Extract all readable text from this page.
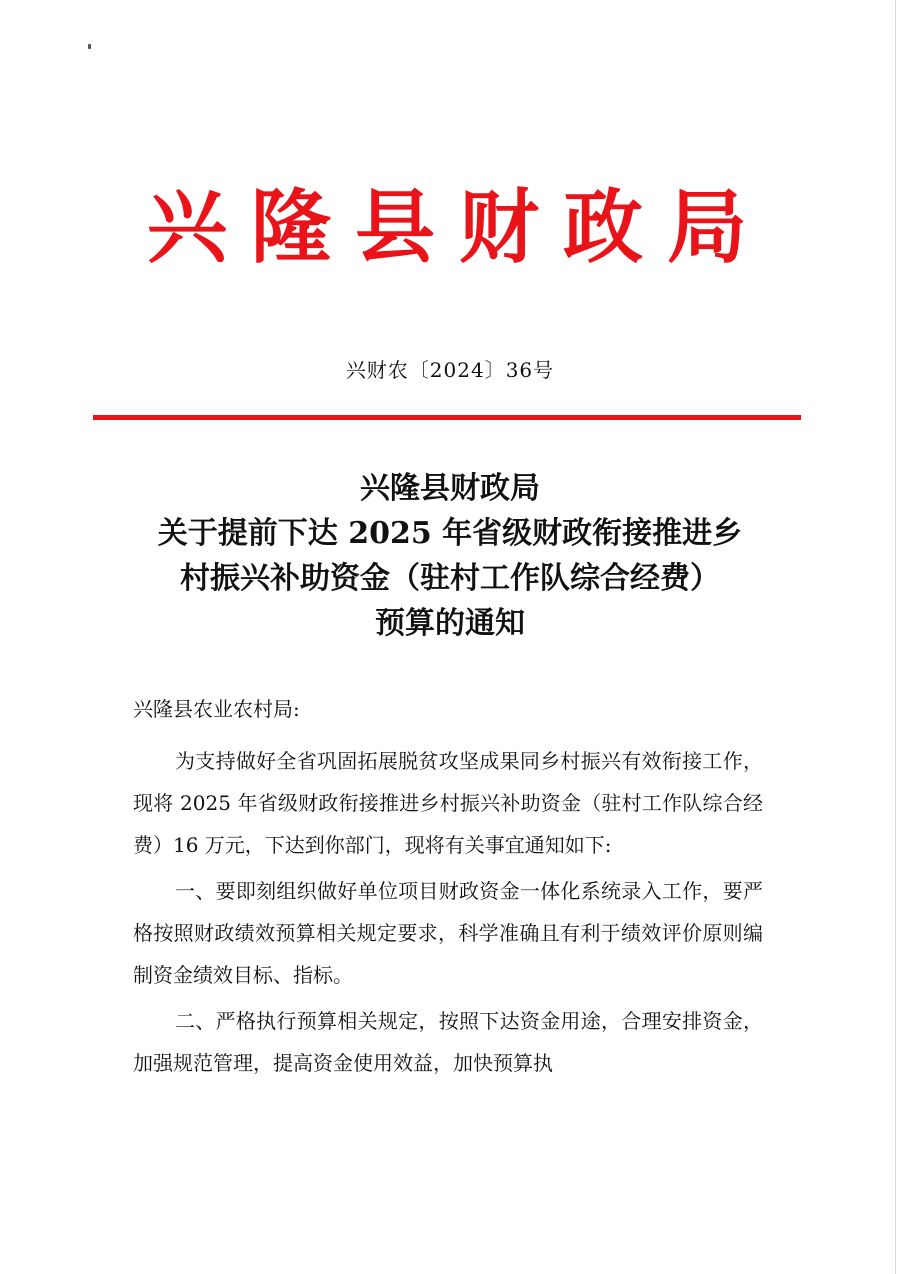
兴隆县财政局
兴财农〔2024〕36号
兴隆县财政局
关于提前下达 2025 年省级财政衔接推进乡
村振兴补助资金（驻村工作队综合经费）
预算的通知
兴隆县农业农村局:

为支持做好全省巩固拓展脱贫攻坚成果同乡村振兴有效衔接工作，现将 2025 年省级财政衔接推进乡村振兴补助资金（驻村工作队综合经费）16 万元，下达到你部门，现将有关事宜通知如下:

一、要即刻组织做好单位项目财政资金一体化系统录入工作，要严格按照财政绩效预算相关规定要求，科学准确且有利于绩效评价原则编制资金绩效目标、指标。

二、严格执行预算相关规定，按照下达资金用途，合理安排资金，加强规范管理，提高资金使用效益，加快预算执
